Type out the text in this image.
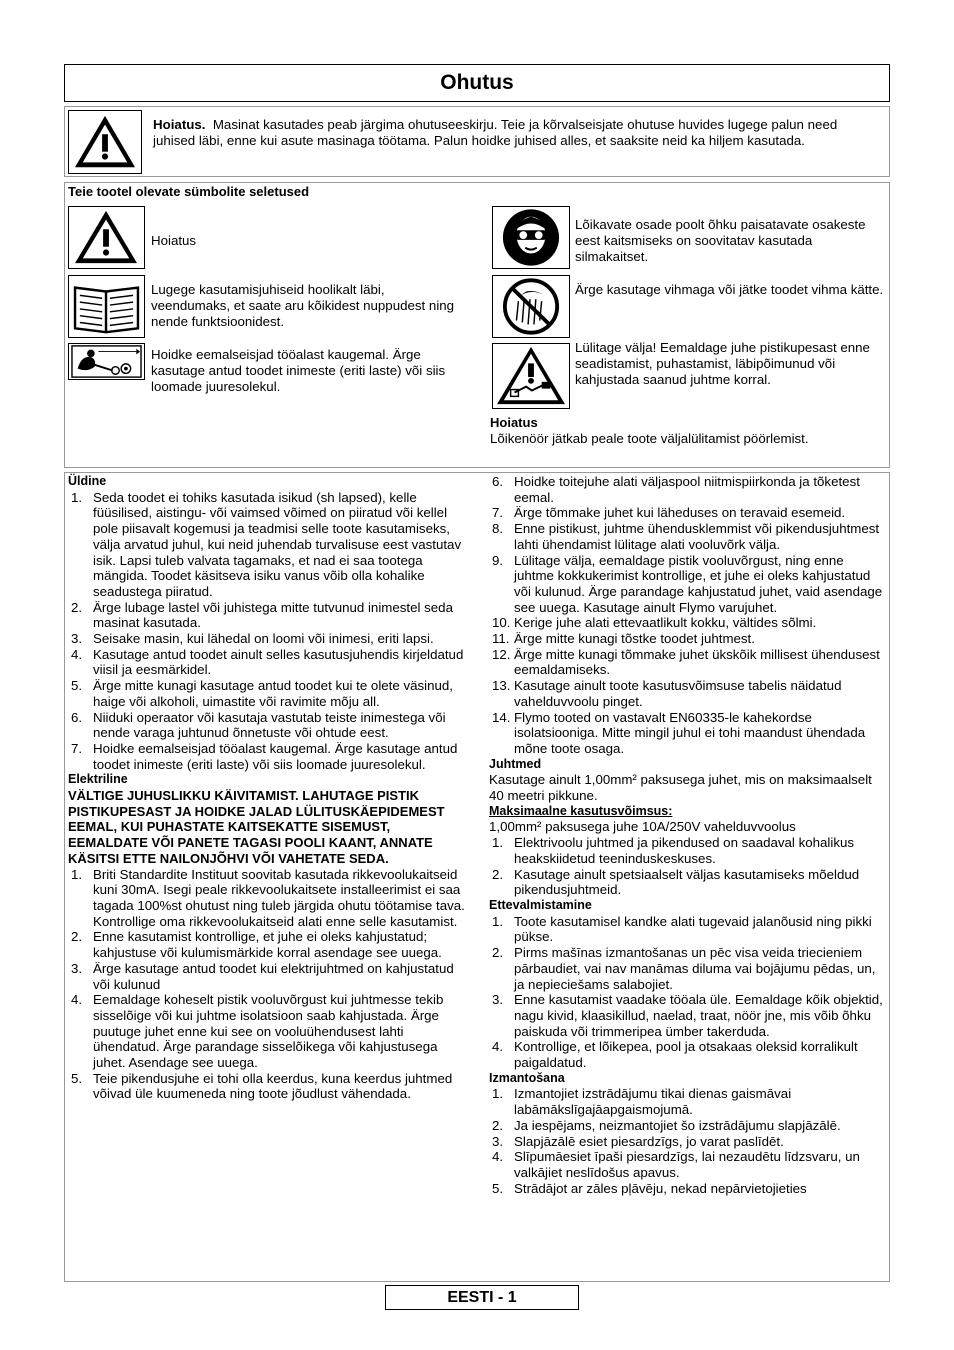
Ohutus
Hoiatus. Masinat kasutades peab järgima ohutuseeskirju. Teie ja kõrvalseisjate ohutuse huvides lugege palun need juhised läbi, enne kui asute masinaga töötama. Palun hoidke juhised alles, et saaksite neid ka hiljem kasutada.
Teie tootel olevate sümbolite seletused
Hoiatus
Lugege kasutamisjuhiseid hoolikalt läbi, veendumaks, et saate aru kõikidest nuppudest ning nende funktsioonidest.
Hoidke eemalseisjad tööalast kaugemal. Ärge kasutage antud toodet inimeste (eriti laste) või siis loomade juuresolekul.
Lõikavate osade poolt õhku paisatavate osakeste eest kaitsmiseks on soovitatav kasutada silmakaitset.
Ärge kasutage vihmaga või jätke toodet vihma kätte.
Lülitage välja! Eemaldage juhe pistikupesast enne seadistamist, puhastamist, läbipõimunud või kahjustada saanud juhtme korral.
Hoiatus
Lõikenöör jätkab peale toote väljalülitamist pöörlemist.
Üldine
1. Seda toodet ei tohiks kasutada isikud (sh lapsed), kelle füüsilised, aistingu- või vaimsed võimed on piiratud või kellel pole piisavalt kogemusi ja teadmisi selle toote kasutamiseks, välja arvatud juhul, kui neid juhendab turvalisuse eest vastutav isik. Lapsi tuleb valvata tagamaks, et nad ei saa tootega mängida. Toodet käsitseva isiku vanus võib olla kohalike seadustega piiratud.
2. Ärge lubage lastel või juhistega mitte tutvunud inimestel seda masinat kasutada.
3. Seisake masin, kui lähedal on loomi või inimesi, eriti lapsi.
4. Kasutage antud toodet ainult selles kasutusjuhendis kirjeldatud viisil ja eesmärkidel.
5. Ärge mitte kunagi kasutage antud toodet kui te olete väsinud, haige või alkoholi, uimastite või ravimite mõju all.
6. Niiduki operaator või kasutaja vastutab teiste inimestega või nende varaga juhtunud õnnetuste või ohtude eest.
7. Hoidke eemalseisjad tööalast kaugemal. Ärge kasutage antud toodet inimeste (eriti laste) või siis loomade juuresolekul.
Elektriline
VÄLTIGE JUHUSLIKKU KÄIVITAMIST. LAHUTAGE PISTIK PISTIKUPESAST JA HOIDKE JALAD LÜLITUSKÄEPIDEMEST EEMAL, KUI PUHASTATE KAITSEKATTE SISEMUST, EEMALDATE VÕI PANETE TAGASI POOLI KAANT, ANNATE KÄSITSI ETTE NAILONJÕHVI VÕI VAHETATE SEDA.
1. Briti Standardite Instituut soovitab kasutada rikkevoolukaitseid kuni 30mA. Isegi peale rikkevoolukaitsete installeerimist ei saa tagada 100%st ohutust ning tuleb järgida ohutu töötamise tava. Kontrollige oma rikkevoolukaitseid alati enne selle kasutamist.
2. Enne kasutamist kontrollige, et juhe ei oleks kahjustatud; kahjustuse või kulumismärkide korral asendage see uuega.
3. Ärge kasutage antud toodet kui elektrijuhtmed on kahjustatud või kulunud
4. Eemaldage koheselt pistik vooluvõrgust kui juhtmesse tekib sisselõige või kui juhtme isolatsioon saab kahjustada. Ärge puutuge juhet enne kui see on vooluühendusest lahti ühendatud. Ärge parandage sisselõikega või kahjustusega juhet. Asendage see uuega.
5. Teie pikendusjuhe ei tohi olla keerdus, kuna keerdus juhtmed võivad üle kuumeneda ning toote jõudlust vähendada.
6. Hoidke toitejuhe alati väljaspool niitmispiirkonda ja tõketest eemal.
7. Ärge tõmmake juhet kui läheduses on teravaid esemeid.
8. Enne pistikust, juhtme ühendusklemmist või pikendusjuhtmest lahti ühendamist lülitage alati vooluvõrk välja.
9. Lülitage välja, eemaldage pistik vooluvõrgust, ning enne juhtme kokkukerimist kontrollige, et juhe ei oleks kahjustatud või kulunud. Ärge parandage kahjustatud juhet, vaid asendage see uuega. Kasutage ainult Flymo varujuhet.
10. Kerige juhe alati ettevaatlikult kokku, vältides sõlmi.
11. Ärge mitte kunagi tõstke toodet juhtmest.
12. Ärge mitte kunagi tõmmake juhet ükskõik millisest ühendusest eemaldamiseks.
13. Kasutage ainult toote kasutusvõimsuse tabelis näidatud vahelduvvoolu pinget.
14. Flymo tooted on vastavalt EN60335-le kahekordse isolatsiooniga. Mitte mingil juhul ei tohi maandust ühendada mõne toote osaga.
Juhtmed
Kasutage ainult 1,00mm² paksusega juhet, mis on maksimaalselt 40 meetri pikkune.
Maksimaalne kasutusvõimsus:
1,00mm² paksusega juhe 10A/250V vahelduvvoolus
1. Elektrivoolu juhtmed ja pikendused on saadaval kohalikus heakskiidetud teeninduskeskuses.
2. Kasutage ainult spetsiaalselt väljas kasutamiseks mõeldud pikendusjuhtmeid.
Ettevalmistamine
1. Toote kasutamisel kandke alati tugevaid jalanõusid ning pikki pükse.
2. Pirms mašīnas izmantošanas un pēc visa veida triecieniem pārbaudiet, vai nav manāmas diluma vai bojājumu pēdas, un, ja nepieciešams salabojiet.
3. Enne kasutamist vaadake tööala üle. Eemaldage kõik objektid, nagu kivid, klaasikillud, naelad, traat, nöör jne, mis võib õhku paiskuda või trimmeripea ümber takerduda.
4. Kontrollige, et lõikepea, pool ja otsakaas oleksid korralikult paigaldatud.
Izmantošana
1. Izmantojiet izstrādājumu tikai dienas gaismāvai labāmākslīgajāapgaismojumā.
2. Ja iespējams, neizmantojiet šo izstrādājumu slapjāzālē.
3. Slapjāzālē esiet piesardzīgs, jo varat paslīdēt.
4. Slīpumāesiet īpaši piesardzīgs, lai nezaudētu līdzsvaru, un valkājiet neslīdošus apavus.
5. Strādājot ar zāles pļāvēju, nekad nepārvietojieties
EESTI - 1
